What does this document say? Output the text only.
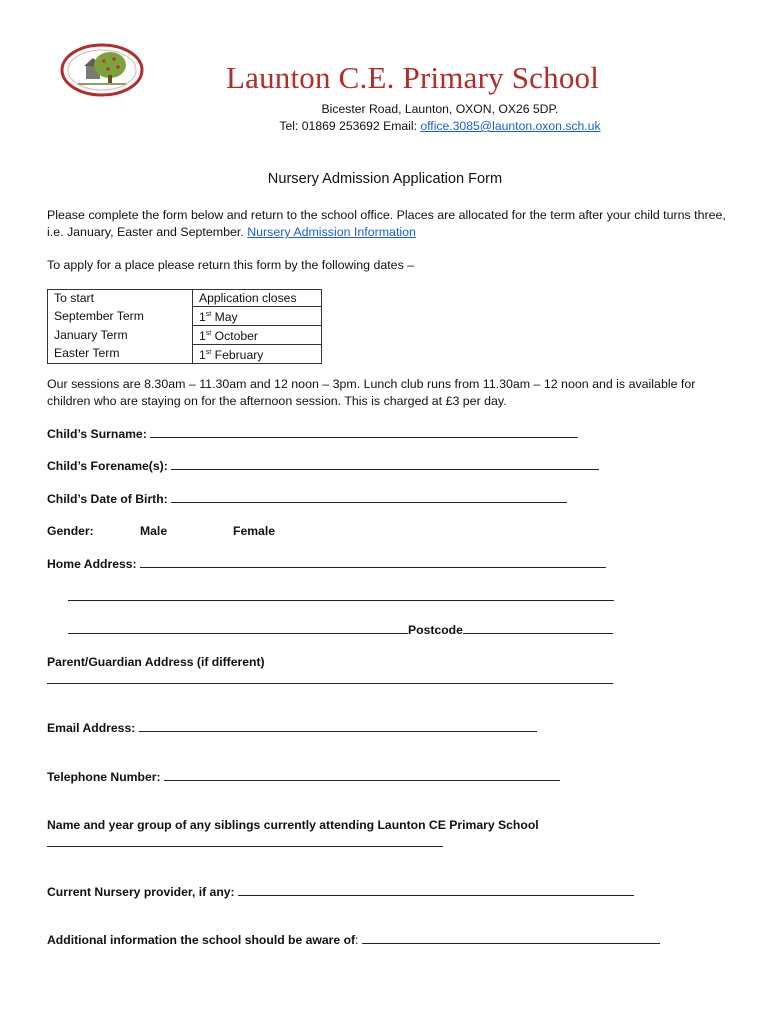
Launton C.E. Primary School
Bicester Road, Launton, OXON, OX26 5DP.
Tel: 01869 253692 Email: office.3085@launton.oxon.sch.uk
Nursery Admission Application Form
Please complete the form below and return to the school office. Places are allocated for the term after your child turns three, i.e. January, Easter and September. Nursery Admission Information
To apply for a place please return this form by the following dates –
To start	Application closes
September Term	1st May
January Term	1st October
Easter Term	1st February
Our sessions are 8.30am – 11.30am and 12 noon – 3pm. Lunch club runs from 11.30am – 12 noon and is available for children who are staying on for the afternoon session. This is charged at £3 per day.
Child’s Surname:
Child’s Forename(s):
Child’s Date of Birth:
Gender:	Male	Female
Home Address:
Postcode
Parent/Guardian Address (if different)
Email Address:
Telephone Number:
Name and year group of any siblings currently attending Launton CE Primary School
Current Nursery provider, if any:
Additional information the school should be aware of:
